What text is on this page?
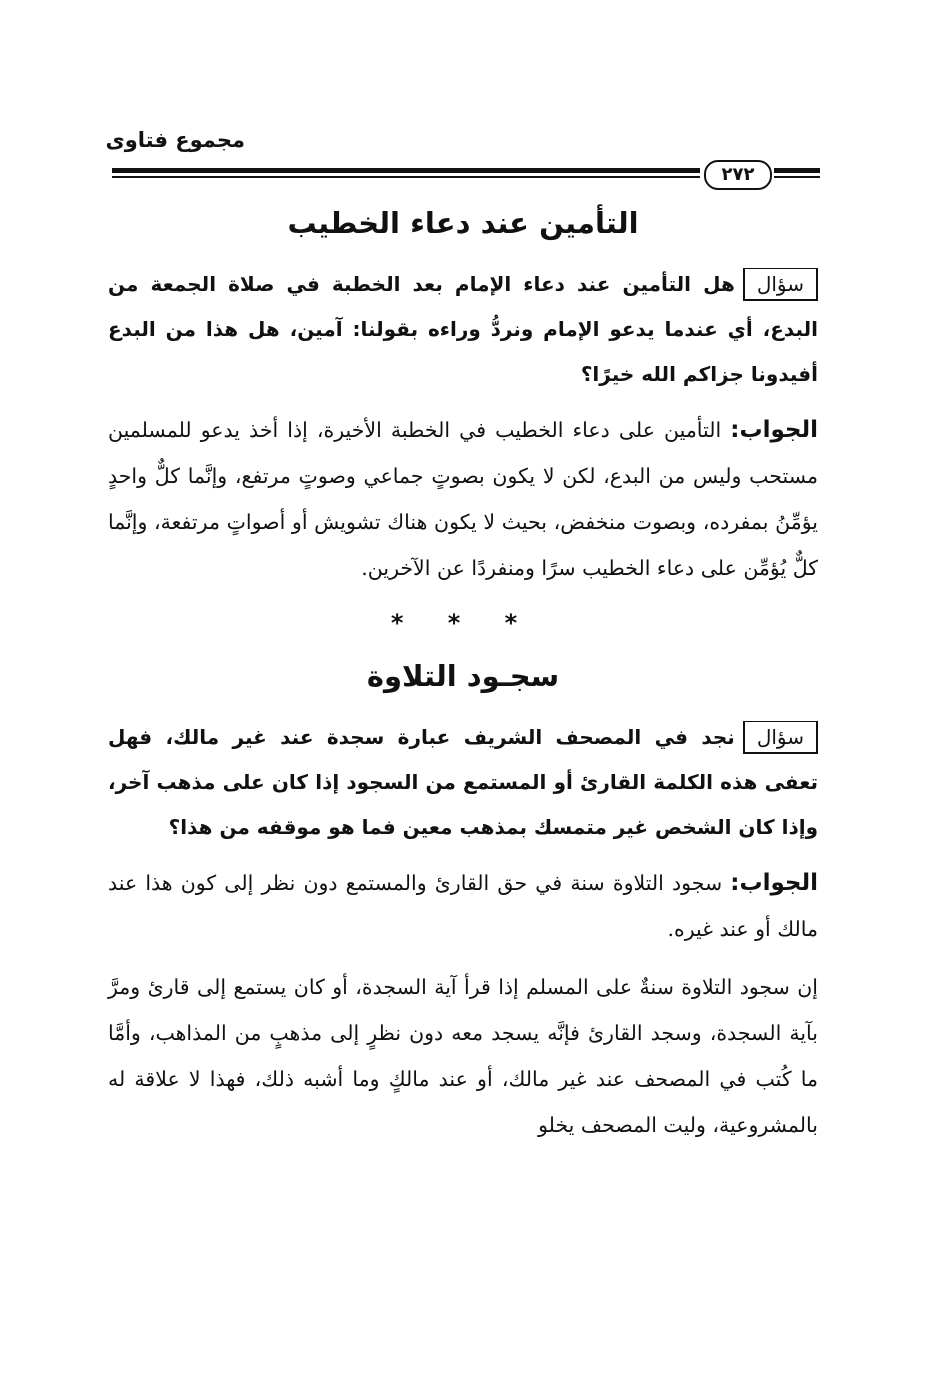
مجموع فتاوى
٢٧٢
التأمين عند دعاء الخطيب

سؤالهل التأمين عند دعاء الإمام بعد الخطبة في صلاة الجمعة من البدع، أي عندما يدعو الإمام ونردُّ وراءه بقولنا: آمين، هل هذا من البدع أفيدونا جزاكم الله خيرًا؟

الجواب: التأمين على دعاء الخطيب في الخطبة الأخيرة، إذا أخذ يدعو للمسلمين مستحب وليس من البدع، لكن لا يكون بصوتٍ جماعي وصوتٍ مرتفع، وإنَّما كلٌّ واحدٍ يؤمِّنُ بمفرده، وبصوت منخفض، بحيث لا يكون هناك تشويش أو أصواتٍ مرتفعة، وإنَّما كلٌّ يُؤمِّن على دعاء الخطيب سرًا ومنفردًا عن الآخرين.

* * *
سجـود التلاوة

سؤالنجد في المصحف الشريف عبارة سجدة عند غير مالك، فهل تعفى هذه الكلمة القارئ أو المستمع من السجود إذا كان على مذهب آخر، وإذا كان الشخص غير متمسك بمذهب معين فما هو موقفه من هذا؟

الجواب: سجود التلاوة سنة في حق القارئ والمستمع دون نظر إلى كون هذا عند مالك أو عند غيره.

إن سجود التلاوة سنةٌ على المسلم إذا قرأ آية السجدة، أو كان يستمع إلى قارئ ومرَّ بآية السجدة، وسجد القارئ فإنَّه يسجد معه دون نظرٍ إلى مذهبٍ من المذاهب، وأمَّا ما كُتب في المصحف عند غير مالك، أو عند مالكٍ وما أشبه ذلك، فهذا لا علاقة له بالمشروعية، وليت المصحف يخلو
